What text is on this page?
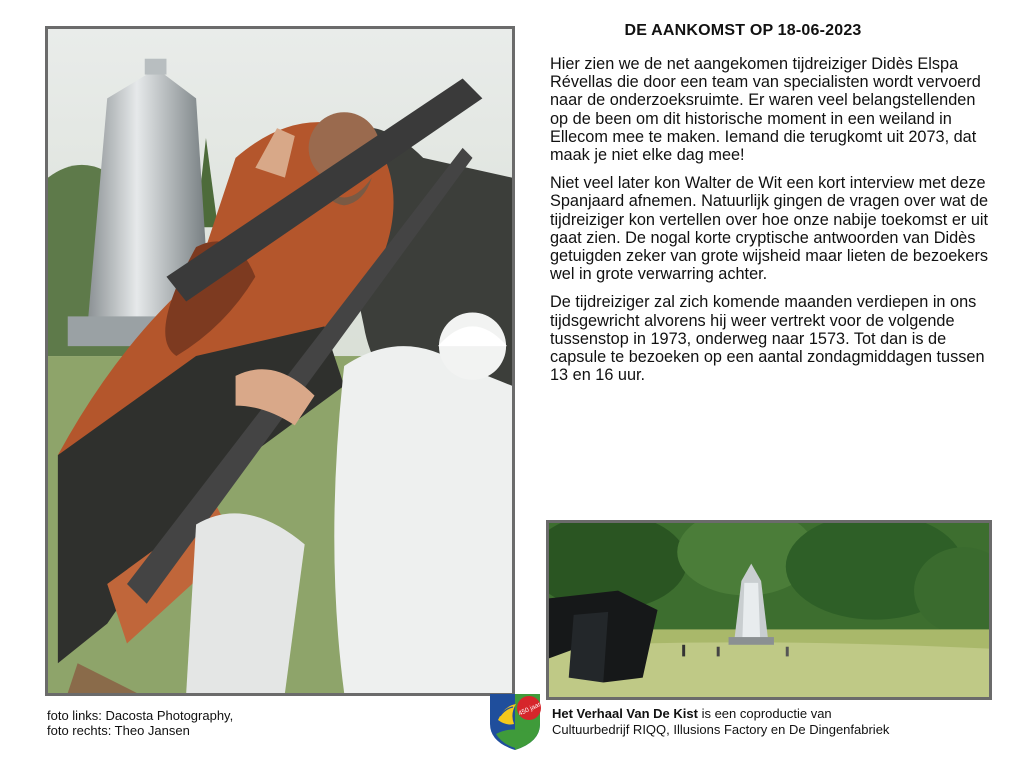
DE AANKOMST OP 18-06-2023

Hier zien we de net aangekomen tijdreiziger Didès Elspa Révellas die door een team van specialisten wordt vervoerd naar de onderzoeksruimte. Er waren veel belangstellenden op de been om dit historische moment in een weiland in Ellecom mee te maken. Iemand die terugkomt uit 2073, dat maak je niet elke dag mee!

Niet veel later kon Walter de Wit een kort interview met deze Spanjaard afnemen. Natuurlijk gingen de vragen over wat de tijdreiziger kon vertellen over hoe onze nabije toekomst er uit gaat zien. De nogal korte cryptische antwoorden van Didès getuigden zeker van grote wijsheid maar lieten de bezoekers wel in grote verwarring achter.

De tijdreiziger zal zich komende maanden verdiepen in ons tijdsgewricht alvorens hij weer vertrekt voor de volgende tussenstop in 1973, onderweg naar 1573. Tot dan is de capsule te bezoeken op een aantal zondagmiddagen tussen 13 en 16 uur.

foto links: Dacosta Photography,
foto rechts: Theo Jansen
450 jaar Het Verhaal Van De Kist is een coproductie van
Cultuurbedrijf RIQQ, Illusions Factory en De Dingenfabriek
